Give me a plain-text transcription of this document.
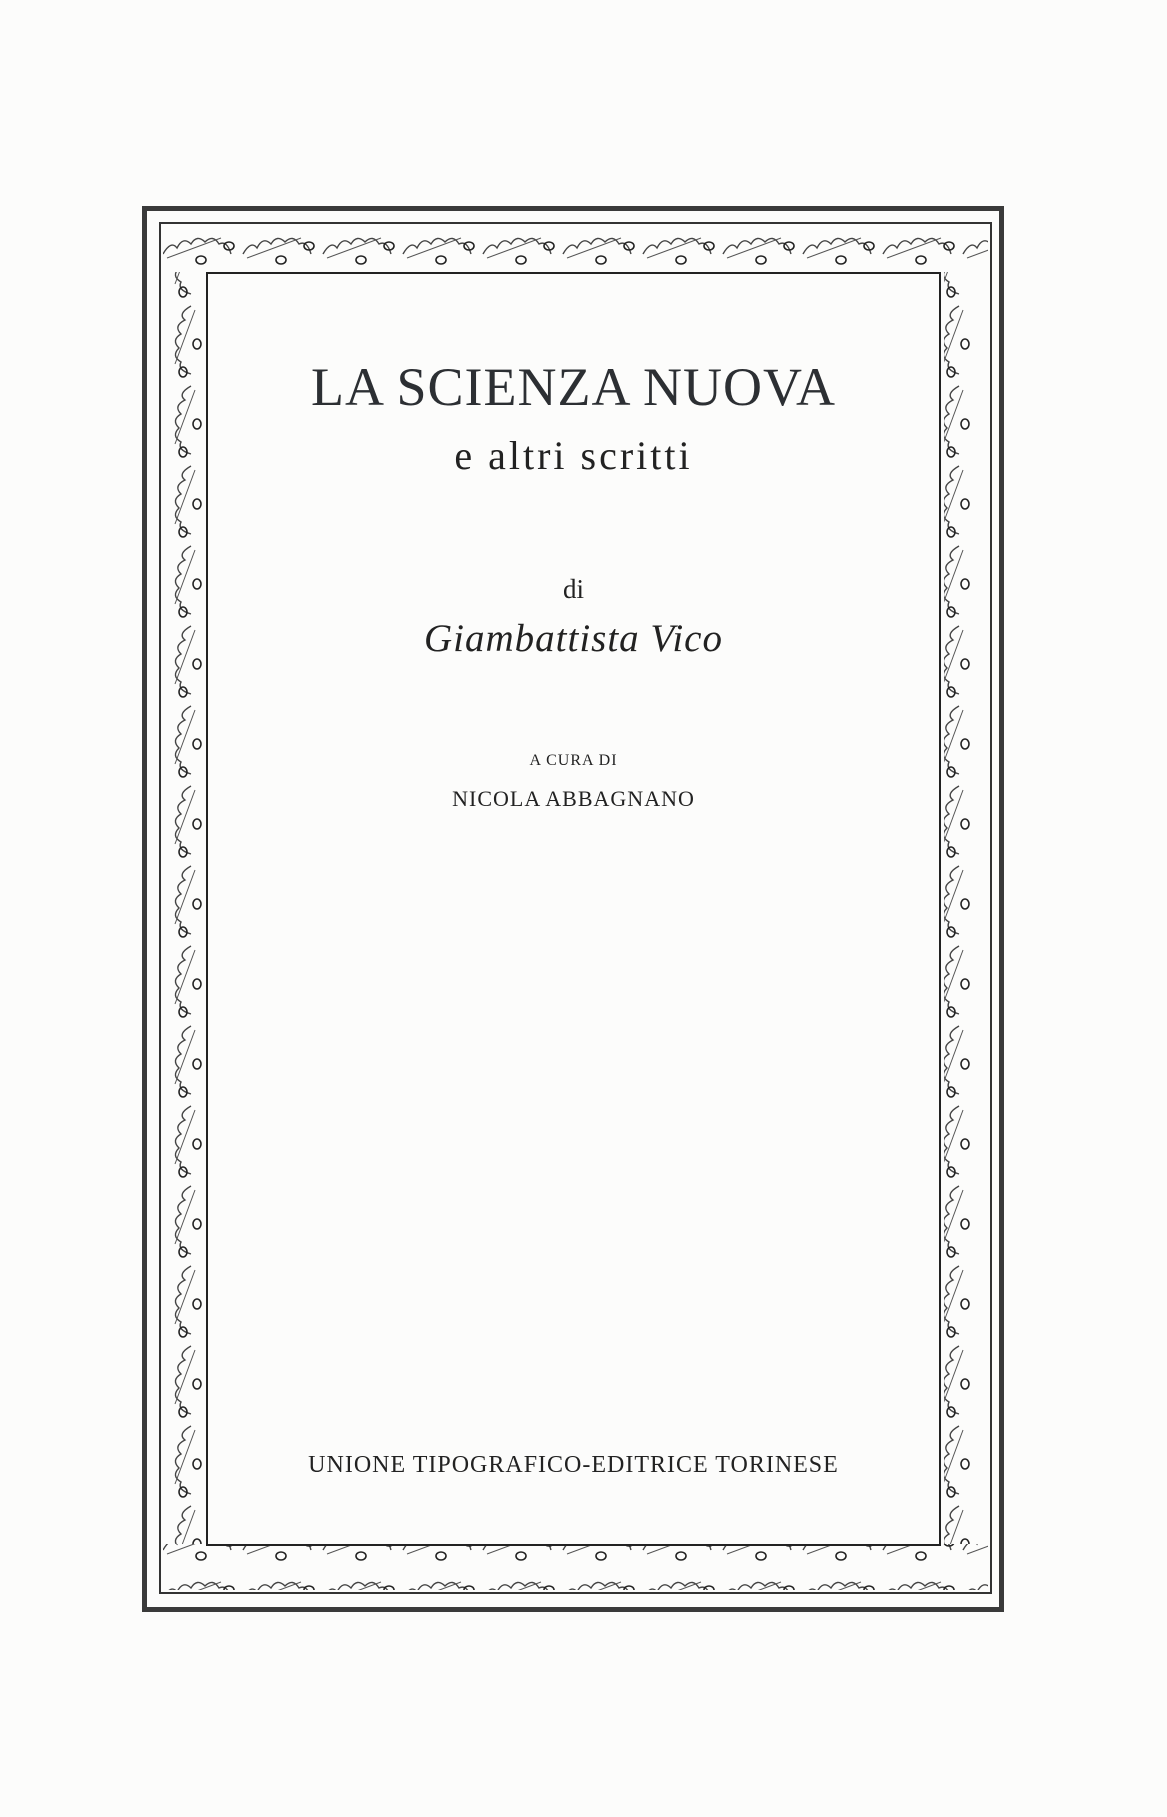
LA SCIENZA NUOVA
e altri scritti
di
Giambattista Vico
A CURA DI
NICOLA ABBAGNANO
UNIONE TIPOGRAFICO-EDITRICE TORINESE
